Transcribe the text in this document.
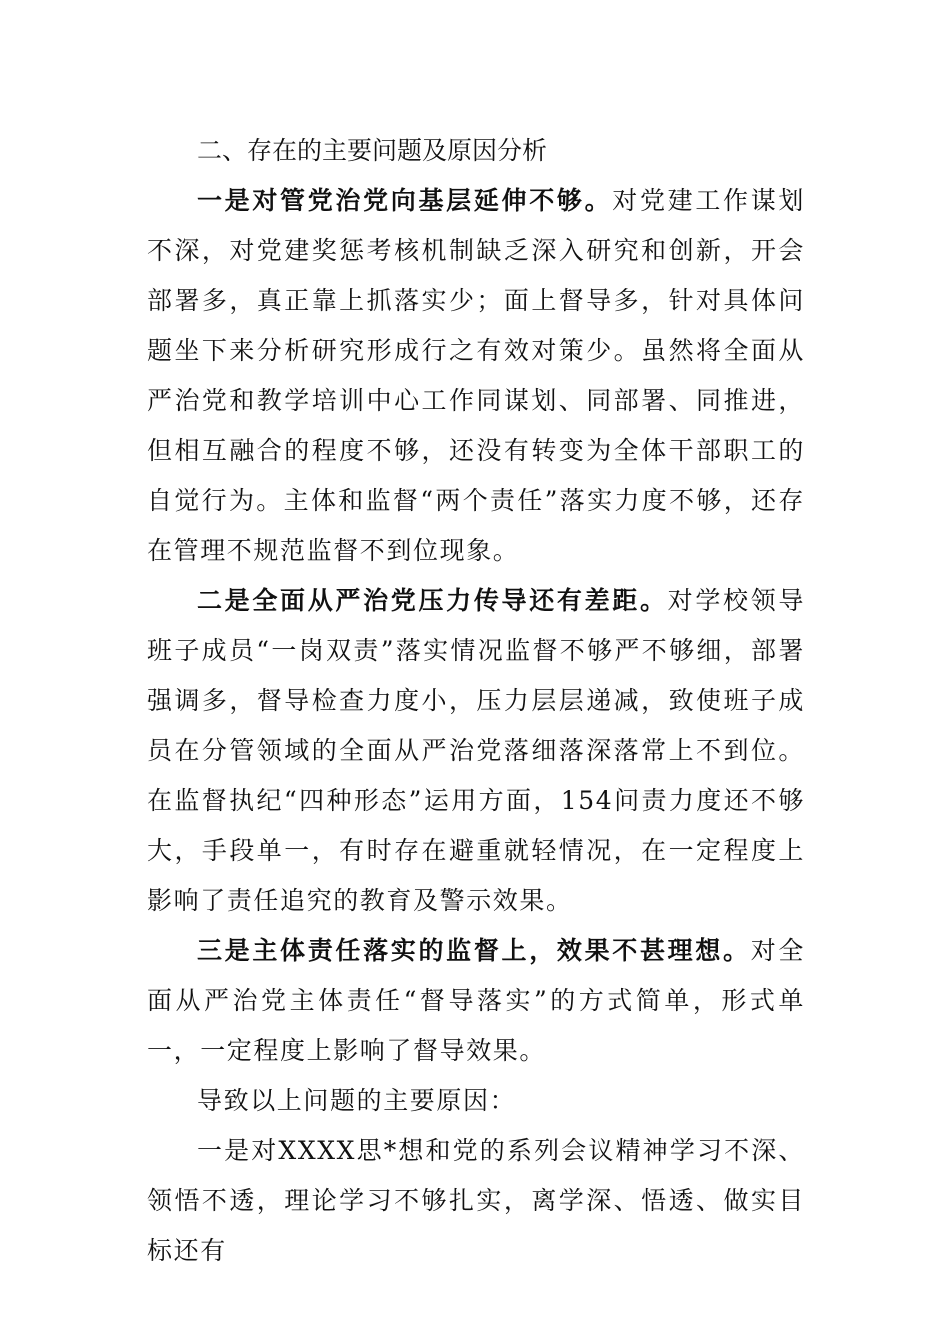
二、存在的主要问题及原因分析

一是对管党治党向基层延伸不够。对党建工作谋划不深，对党建奖惩考核机制缺乏深入研究和创新，开会部署多，真正靠上抓落实少；面上督导多，针对具体问题坐下来分析研究形成行之有效对策少。虽然将全面从严治党和教学培训中心工作同谋划、同部署、同推进，但相互融合的程度不够，还没有转变为全体干部职工的自觉行为。主体和监督“两个责任”落实力度不够，还存在管理不规范监督不到位现象。

二是全面从严治党压力传导还有差距。对学校领导班子成员“一岗双责”落实情况监督不够严不够细，部署强调多，督导检查力度小，压力层层递减，致使班子成员在分管领域的全面从严治党落细落深落常上不到位。在监督执纪“四种形态”运用方面，154问责力度还不够大，手段单一，有时存在避重就轻情况，在一定程度上影响了责任追究的教育及警示效果。

三是主体责任落实的监督上，效果不甚理想。对全面从严治党主体责任“督导落实”的方式简单，形式单一，一定程度上影响了督导效果。

导致以上问题的主要原因：

一是对XXXX思*想和党的系列会议精神学习不深、领悟不透，理论学习不够扎实，离学深、悟透、做实目标还有
